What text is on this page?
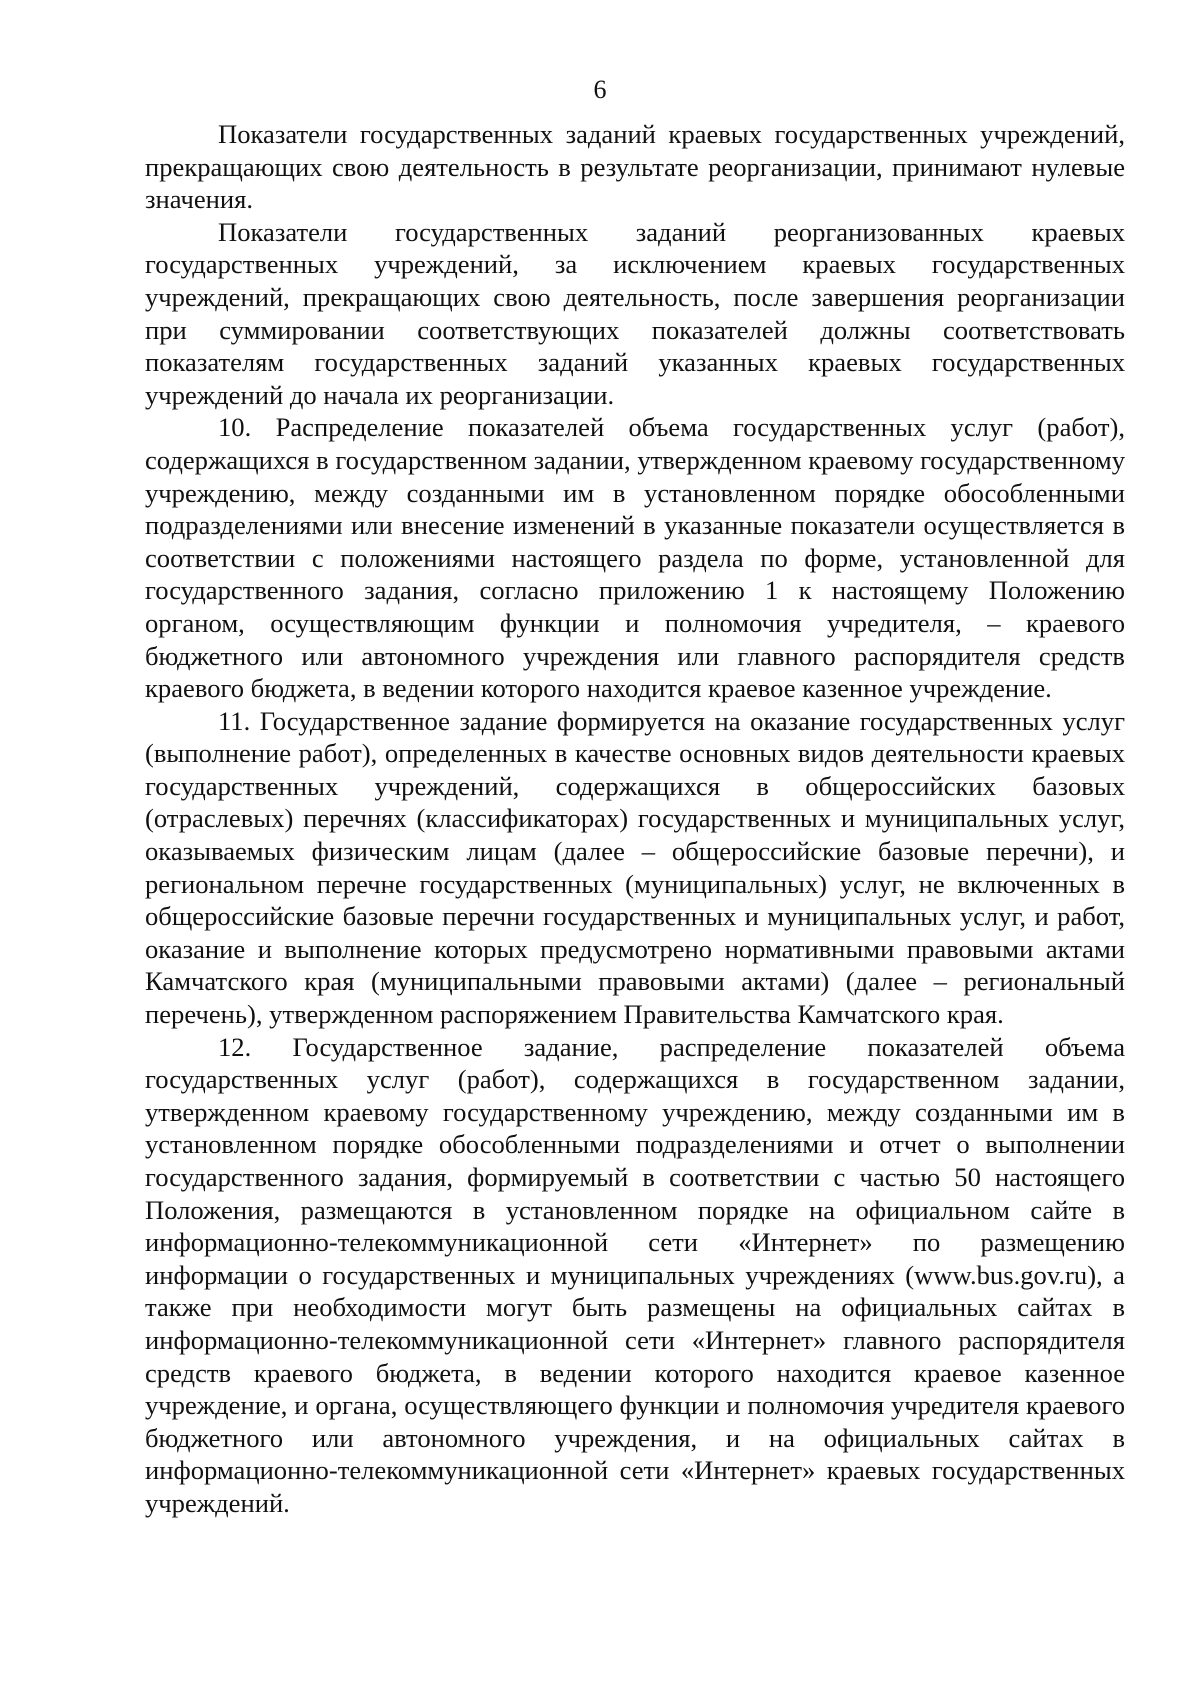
6

Показатели государственных заданий краевых государственных учреждений, прекращающих свою деятельность в результате реорганизации, принимают нулевые значения.

Показатели государственных заданий реорганизованных краевых государственных учреждений, за исключением краевых государственных учреждений, прекращающих свою деятельность, после завершения реорганизации при суммировании соответствующих показателей должны соответствовать показателям государственных заданий указанных краевых государственных учреждений до начала их реорганизации.

10. Распределение показателей объема государственных услуг (работ), содержащихся в государственном задании, утвержденном краевому государственному учреждению, между созданными им в установленном порядке обособленными подразделениями или внесение изменений в указанные показатели осуществляется в соответствии с положениями настоящего раздела по форме, установленной для государственного задания, согласно приложению 1 к настоящему Положению органом, осуществляющим функции и полномочия учредителя, – краевого бюджетного или автономного учреждения или главного распорядителя средств краевого бюджета, в ведении которого находится краевое казенное учреждение.

11. Государственное задание формируется на оказание государственных услуг (выполнение работ), определенных в качестве основных видов деятельности краевых государственных учреждений, содержащихся в общероссийских базовых (отраслевых) перечнях (классификаторах) государственных и муниципальных услуг, оказываемых физическим лицам (далее – общероссийские базовые перечни), и региональном перечне государственных (муниципальных) услуг, не включенных в общероссийские базовые перечни государственных и муниципальных услуг, и работ, оказание и выполнение которых предусмотрено нормативными правовыми актами Камчатского края (муниципальными правовыми актами) (далее – региональный перечень), утвержденном распоряжением Правительства Камчатского края.

12. Государственное задание, распределение показателей объема государственных услуг (работ), содержащихся в государственном задании, утвержденном краевому государственному учреждению, между созданными им в установленном порядке обособленными подразделениями и отчет о выполнении государственного задания, формируемый в соответствии с частью 50 настоящего Положения, размещаются в установленном порядке на официальном сайте в информационно-телекоммуникационной сети «Интернет» по размещению информации о государственных и муниципальных учреждениях (www.bus.gov.ru), а также при необходимости могут быть размещены на официальных сайтах в информационно-телекоммуникационной сети «Интернет» главного распорядителя средств краевого бюджета, в ведении которого находится краевое казенное учреждение, и органа, осуществляющего функции и полномочия учредителя краевого бюджетного или автономного учреждения, и на официальных сайтах в информационно-телекоммуникационной сети «Интернет» краевых государственных учреждений.
